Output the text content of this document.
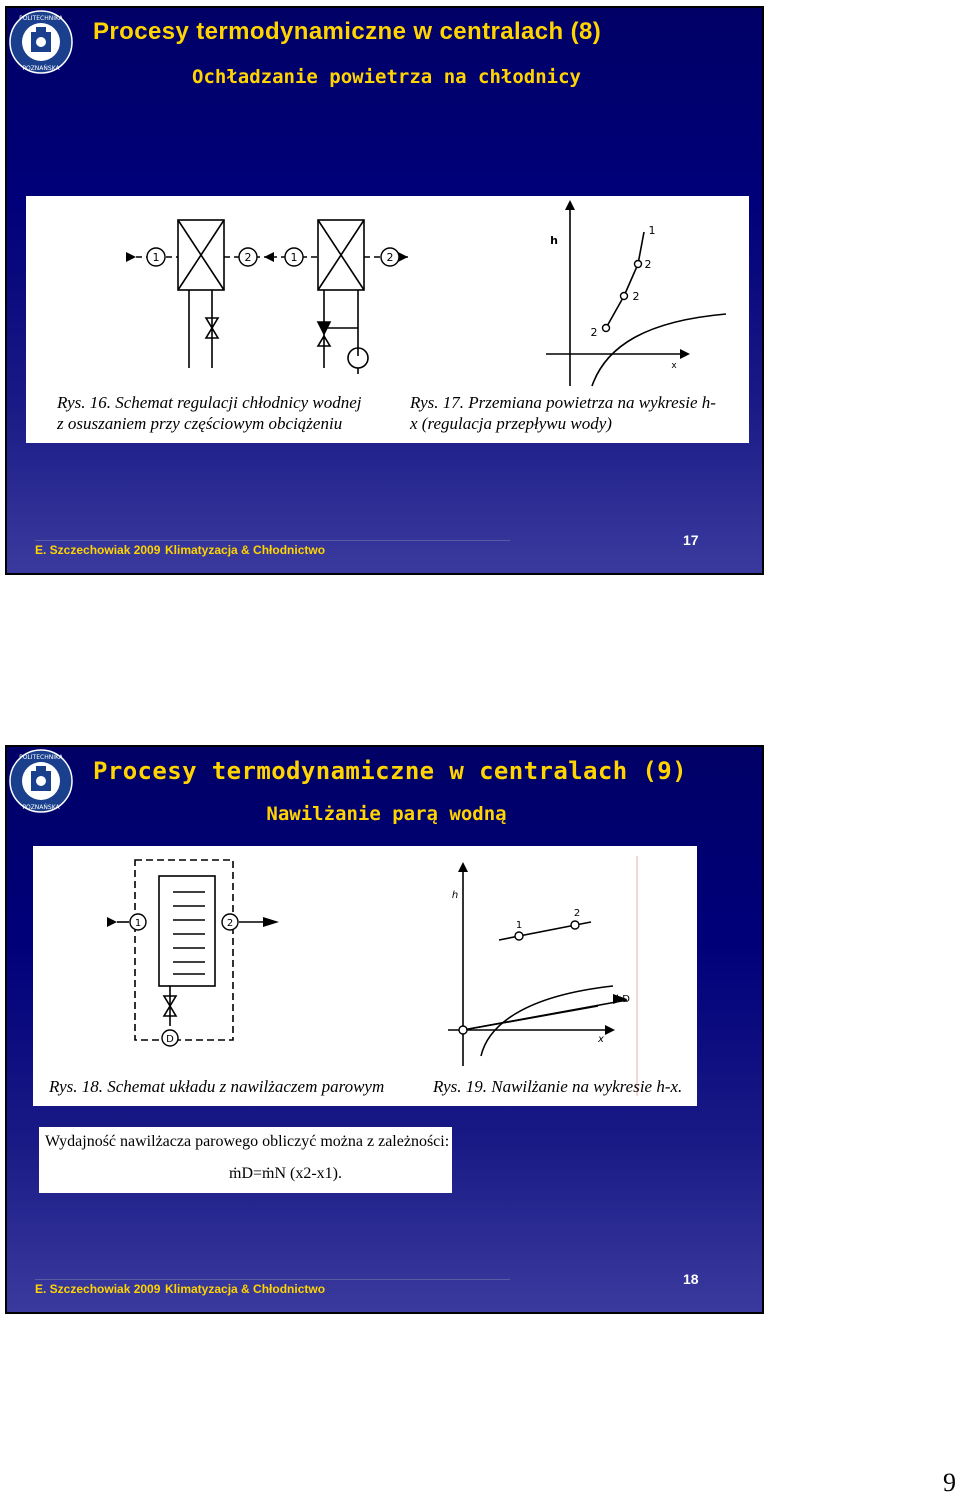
POLITECHNIKA
POZNAŃSKA
Procesy termodynamiczne w centralach (8)
Ochładzanie powietrza na chłodnicy
1	2	1	2
h
x
1
2
2
2
Rys. 16. Schemat regulacji chłodnicy wodnej
z osuszaniem przy częściowym obciążeniu
Rys. 17. Przemiana powietrza na wykresie h-
x (regulacja przepływu wody)
E. Szczechowiak 2009 Klimatyzacja & Chłodnictwo
17
POLITECHNIKA
POZNAŃSKA
Procesy termodynamiczne w centralach (9)
Nawilżanie parą wodną
1	2
D
h
x
1
2
hD
Rys. 18. Schemat układu z nawilżaczem parowym	Rys. 19. Nawilżanie na wykresie h-x.
Wydajność nawilżacza parowego obliczyć można z zależności:
ṁD=ṁN (x2-x1).
E. Szczechowiak 2009 Klimatyzacja & Chłodnictwo
18
9
